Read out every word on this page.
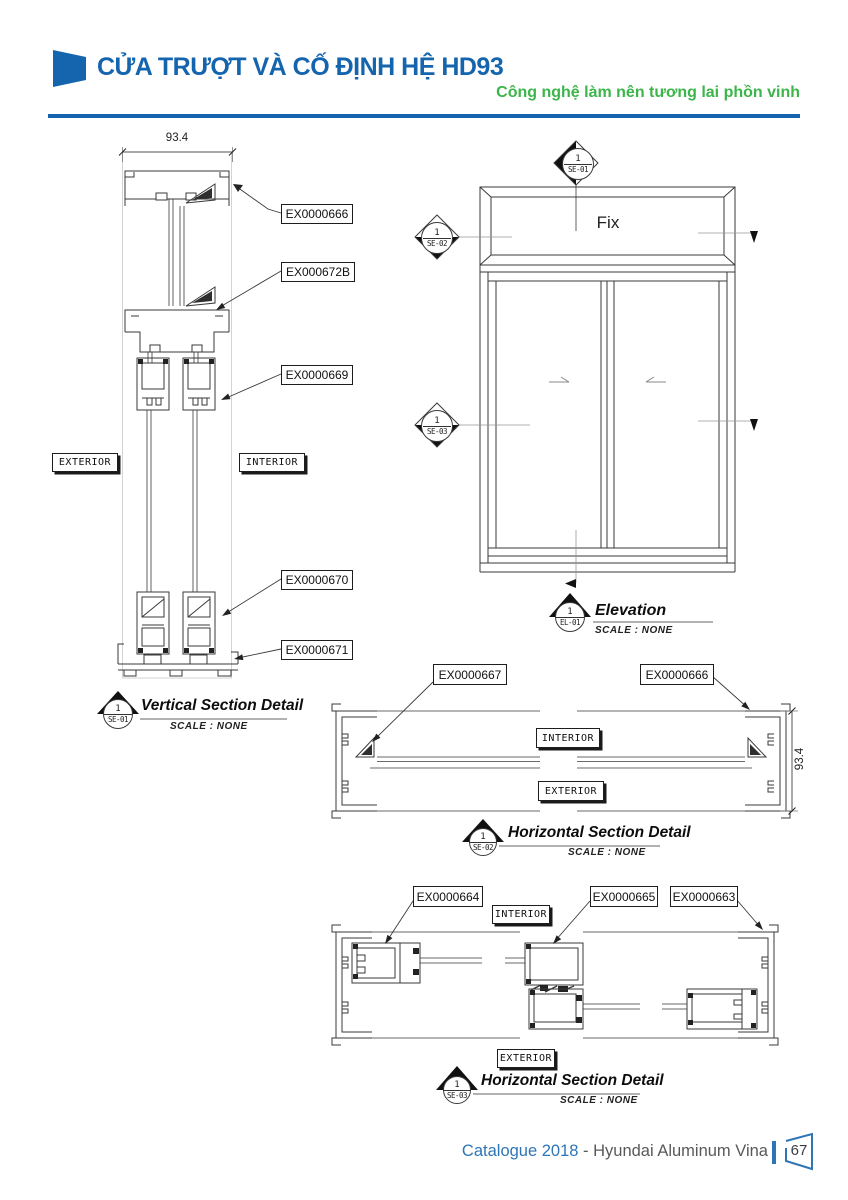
CỬA TRƯỢT VÀ CỐ ĐỊNH HỆ HD93
Công nghệ làm nên tương lai phồn vinh
93.4
EX0000666
EX000672B
EX0000669
EX0000670
EX0000671
EXTERIOR	INTERIOR
1
SE-01
Vertical Section Detail
SCALE : NONE
Fix
1
SE-01
1
SE-02
1
SE-03
1
EL-01
Elevation
SCALE : NONE
EX0000667	EX0000666
INTERIOR
EXTERIOR
93.4
1
SE-02
Horizontal Section Detail
SCALE : NONE
EX0000664	EX0000665 EX0000663
INTERIOR
EXTERIOR
1
SE-03
Horizontal Section Detail
SCALE : NONE
Catalogue 2018 - Hyundai Aluminum Vina	67
